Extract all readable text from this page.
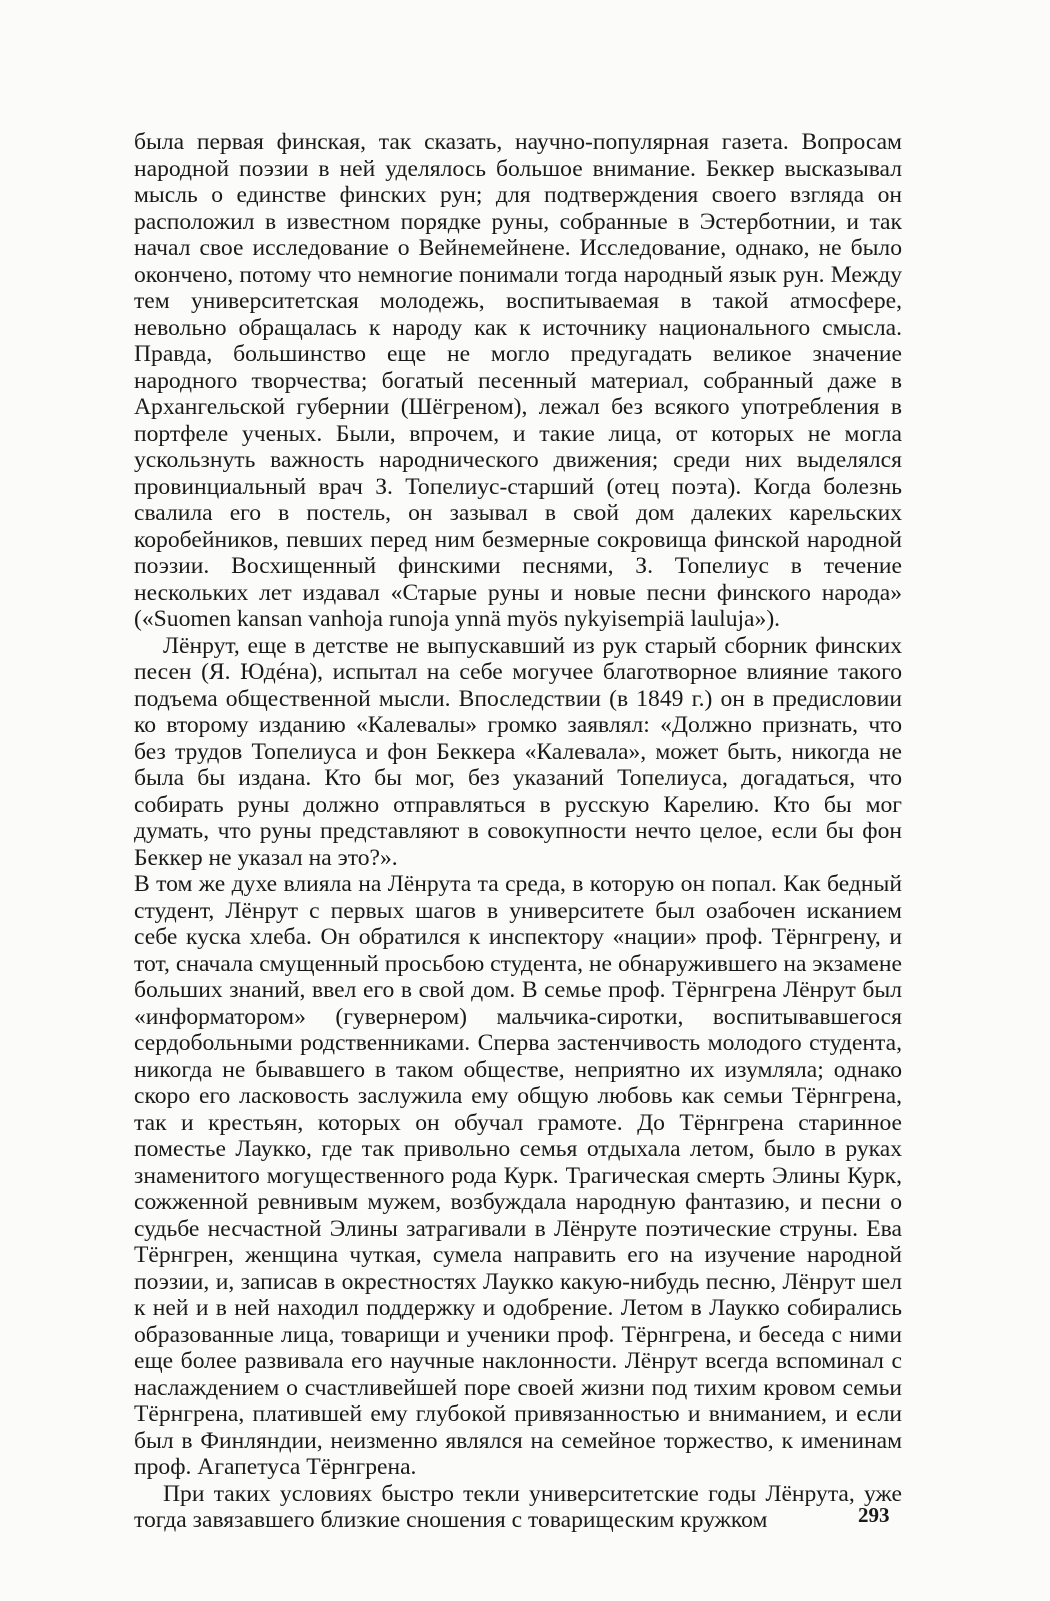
была первая финская, так сказать, научно-популярная газета. Вопросам народной поэзии в ней уделялось большое внимание. Беккер высказывал мысль о единстве финских рун; для подтверждения своего взгляда он расположил в известном порядке руны, собранные в Эстерботнии, и так начал свое исследование о Вейнемейнене. Исследование, однако, не было окончено, потому что немногие понимали тогда народный язык рун. Между тем университетская молодежь, воспитываемая в такой атмосфере, невольно обращалась к народу как к источнику национального смысла. Правда, большинство еще не могло предугадать великое значение народного творчества; богатый песенный материал, собранный даже в Архангельской губернии (Шёгреном), лежал без всякого употребления в портфеле ученых. Были, впрочем, и такие лица, от которых не могла ускользнуть важность народнического движения; среди них выделялся провинциальный врач З. Топелиус-старший (отец поэта). Когда болезнь свалила его в постель, он зазывал в свой дом далеких карельских коробейников, певших перед ним безмерные сокровища финской народной поэзии. Восхищенный финскими песнями, З. Топелиус в течение нескольких лет издавал «Старые руны и новые песни финского народа» («Suomen kansan vanhoja runoja ynnä myös nykyisempiä lauluja»).

Лёнрут, еще в детстве не выпускавший из рук старый сборник финских песен (Я. Юдéна), испытал на себе могучее благотворное влияние такого подъема общественной мысли. Впоследствии (в 1849 г.) он в предисловии ко второму изданию «Калевалы» громко заявлял: «Должно признать, что без трудов Топелиуса и фон Беккера «Калевала», может быть, никогда не была бы издана. Кто бы мог, без указаний Топелиуса, догадаться, что собирать руны должно отправляться в русскую Карелию. Кто бы мог думать, что руны представляют в совокупности нечто целое, если бы фон Беккер не указал на это?».

В том же духе влияла на Лёнрута та среда, в которую он попал. Как бедный студент, Лёнрут с первых шагов в университете был озабочен исканием себе куска хлеба. Он обратился к инспектору «нации» проф. Тёрнгрену, и тот, сначала смущенный просьбою студента, не обнаружившего на экзамене больших знаний, ввел его в свой дом. В семье проф. Тёрнгрена Лёнрут был «информатором» (гувернером) мальчика-сиротки, воспитывавшегося сердобольными родственниками. Сперва застенчивость молодого студента, никогда не бывавшего в таком обществе, неприятно их изумляла; однако скоро его ласковость заслужила ему общую любовь как семьи Тёрнгрена, так и крестьян, которых он обучал грамоте. До Тёрнгрена старинное поместье Лаукко, где так привольно семья отдыхала летом, было в руках знаменитого могущественного рода Курк. Трагическая смерть Элины Курк, сожженной ревнивым мужем, возбуждала народную фантазию, и песни о судьбе несчастной Элины затрагивали в Лёнруте поэтические струны. Ева Тёрнгрен, женщина чуткая, сумела направить его на изучение народной поэзии, и, записав в окрестностях Лаукко какую-нибудь песню, Лёнрут шел к ней и в ней находил поддержку и одобрение. Летом в Лаукко собирались образованные лица, товарищи и ученики проф. Тёрнгрена, и беседа с ними еще более развивала его научные наклонности. Лёнрут всегда вспоминал с наслаждением о счастливейшей поре своей жизни под тихим кровом семьи Тёрнгрена, платившей ему глубокой привязанностью и вниманием, и если был в Финляндии, неизменно являлся на семейное торжество, к именинам проф. Агапетуса Тёрнгрена.

При таких условиях быстро текли университетские годы Лёнрута, уже тогда завязавшего близкие сношения с товарищеским кружком	293
